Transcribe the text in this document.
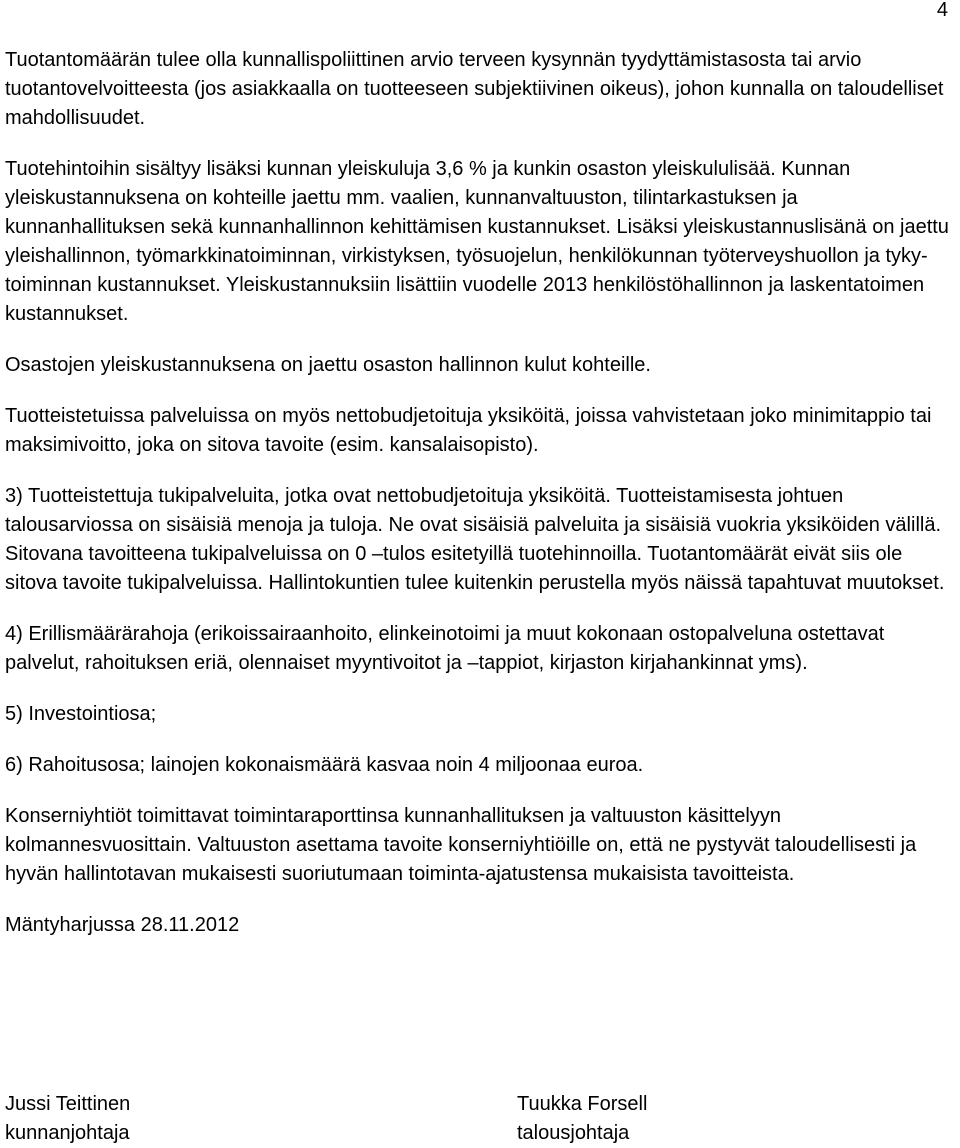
4

Tuotantomäärän tulee olla kunnallispoliittinen arvio terveen kysynnän tyydyttämistasosta tai arvio tuotantovelvoitteesta (jos asiakkaalla on tuotteeseen subjektiivinen oikeus), johon kunnalla on taloudelliset mahdollisuudet.

Tuotehintoihin sisältyy lisäksi kunnan yleiskuluja 3,6 % ja kunkin osaston yleiskululisää. Kunnan yleiskustannuksena on kohteille jaettu mm. vaalien, kunnanvaltuuston, tilintarkastuksen ja kunnanhallituksen sekä kunnanhallinnon kehittämisen kustannukset. Lisäksi yleiskustannuslisänä on jaettu yleishallinnon, työmarkkinatoiminnan, virkistyksen, työsuojelun, henkilökunnan työterveyshuollon ja tyky-toiminnan kustannukset. Yleiskustannuksiin lisättiin vuodelle 2013 henkilöstöhallinnon ja laskentatoimen kustannukset.

Osastojen yleiskustannuksena on jaettu osaston hallinnon kulut kohteille.

Tuotteistetuissa palveluissa on myös nettobudjetoituja yksiköitä, joissa vahvistetaan joko minimitappio tai maksimivoitto, joka on sitova tavoite (esim. kansalaisopisto).

3) Tuotteistettuja tukipalveluita, jotka ovat nettobudjetoituja yksiköitä. Tuotteistamisesta johtuen talousarviossa on sisäisiä menoja ja tuloja. Ne ovat sisäisiä palveluita ja sisäisiä vuokria yksiköiden välillä. Sitovana tavoitteena tukipalveluissa on 0 –tulos esitetyillä tuotehinnoilla. Tuotantomäärät eivät siis ole sitova tavoite tukipalveluissa. Hallintokuntien tulee kuitenkin perustella myös näissä tapahtuvat muutokset.

4) Erillismäärärahoja (erikoissairaanhoito, elinkeinotoimi ja muut kokonaan ostopalveluna ostettavat palvelut, rahoituksen eriä, olennaiset myyntivoitot ja –tappiot, kirjaston kirjahankinnat yms).

5) Investointiosa;

6) Rahoitusosa; lainojen kokonaismäärä kasvaa noin 4 miljoonaa euroa.

Konserniyhtiöt toimittavat toimintaraporttinsa kunnanhallituksen ja valtuuston käsittelyyn kolmannesvuosittain. Valtuuston asettama tavoite konserniyhtiöille on, että ne pystyvät taloudellisesti ja hyvän hallintotavan mukaisesti suoriutumaan toiminta-ajatustensa mukaisista tavoitteista.

Mäntyharjussa 28.11.2012

Jussi Teittinen
kunnanjohtaja
Tuukka Forsell
talousjohtaja
